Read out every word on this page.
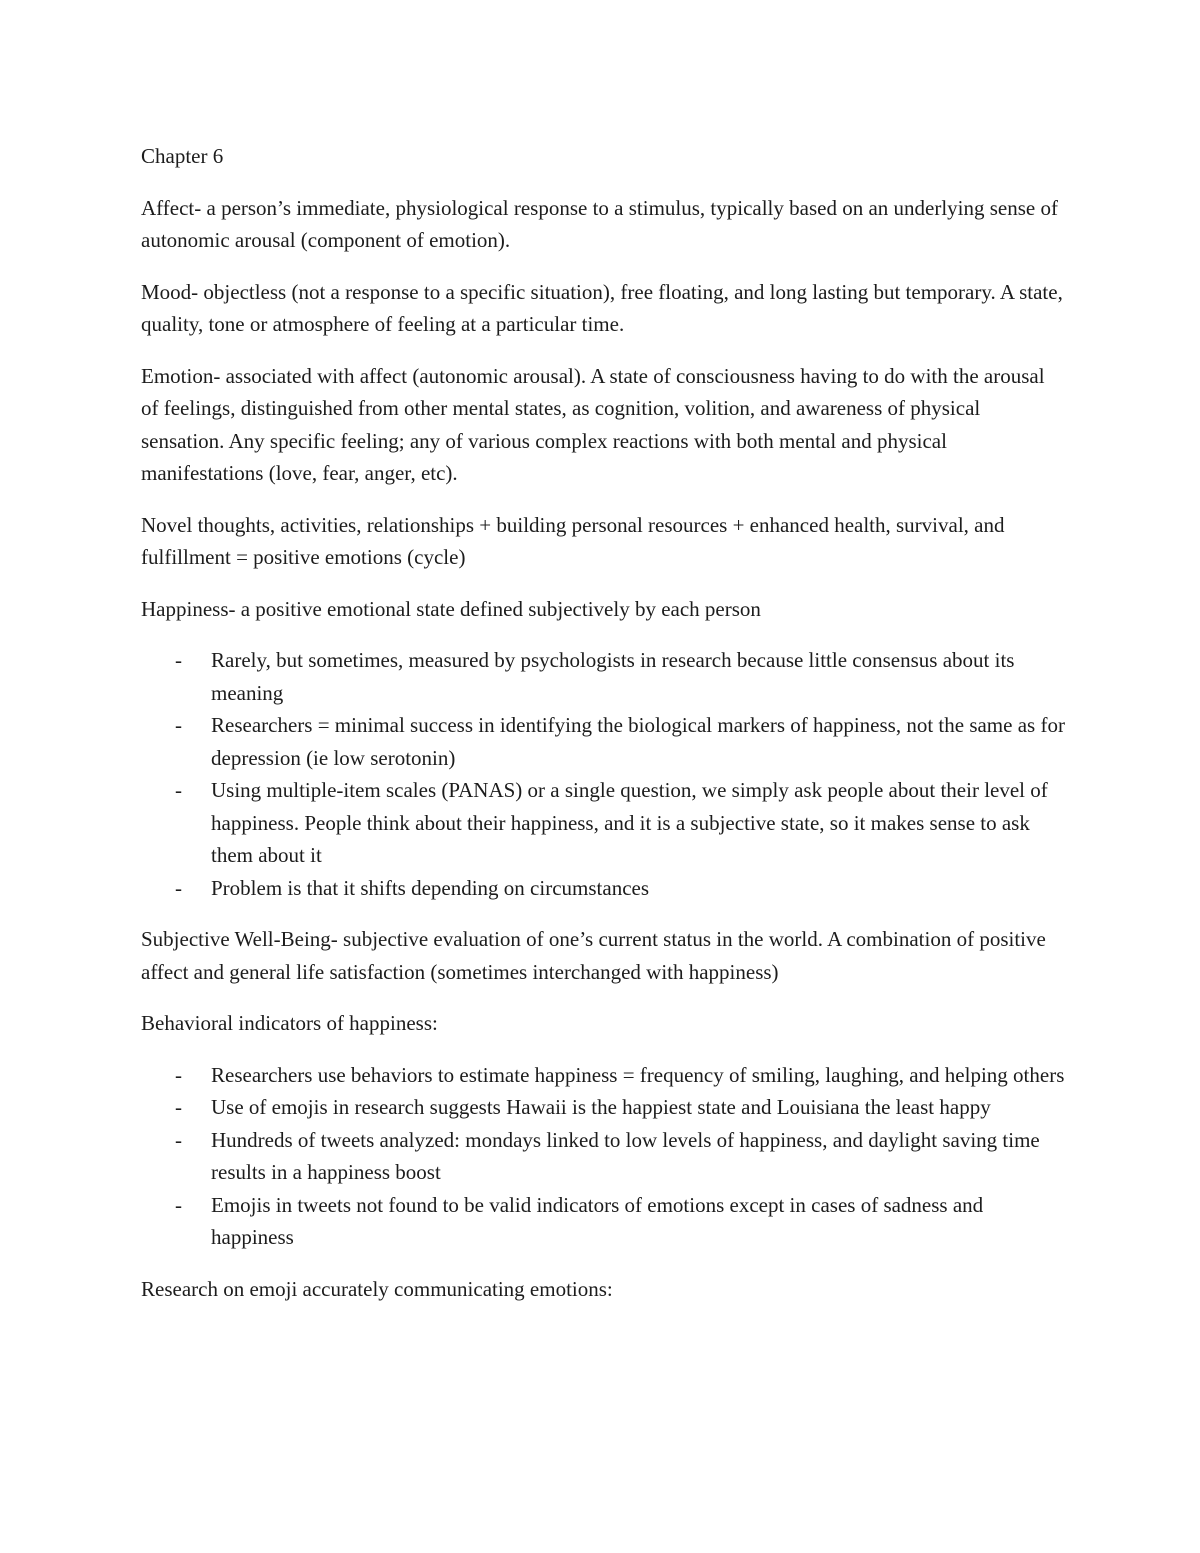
Chapter 6

Affect- a person’s immediate, physiological response to a stimulus, typically based on an underlying sense of autonomic arousal (component of emotion).

Mood- objectless (not a response to a specific situation), free floating, and long lasting but temporary. A state, quality, tone or atmosphere of feeling at a particular time.

Emotion- associated with affect (autonomic arousal). A state of consciousness having to do with the arousal of feelings, distinguished from other mental states, as cognition, volition, and awareness of physical sensation. Any specific feeling; any of various complex reactions with both mental and physical manifestations (love, fear, anger, etc).

Novel thoughts, activities, relationships + building personal resources + enhanced health, survival, and fulfillment = positive emotions (cycle)

Happiness- a positive emotional state defined subjectively by each person

- Rarely, but sometimes, measured by psychologists in research because little consensus about its meaning
- Researchers = minimal success in identifying the biological markers of happiness, not the same as for depression (ie low serotonin)
- Using multiple-item scales (PANAS) or a single question, we simply ask people about their level of happiness. People think about their happiness, and it is a subjective state, so it makes sense to ask them about it
- Problem is that it shifts depending on circumstances

Subjective Well-Being- subjective evaluation of one’s current status in the world. A combination of positive affect and general life satisfaction (sometimes interchanged with happiness)

Behavioral indicators of happiness:

- Researchers use behaviors to estimate happiness = frequency of smiling, laughing, and helping others
- Use of emojis in research suggests Hawaii is the happiest state and Louisiana the least happy
- Hundreds of tweets analyzed: mondays linked to low levels of happiness, and daylight saving time results in a happiness boost
- Emojis in tweets not found to be valid indicators of emotions except in cases of sadness and happiness

Research on emoji accurately communicating emotions:
